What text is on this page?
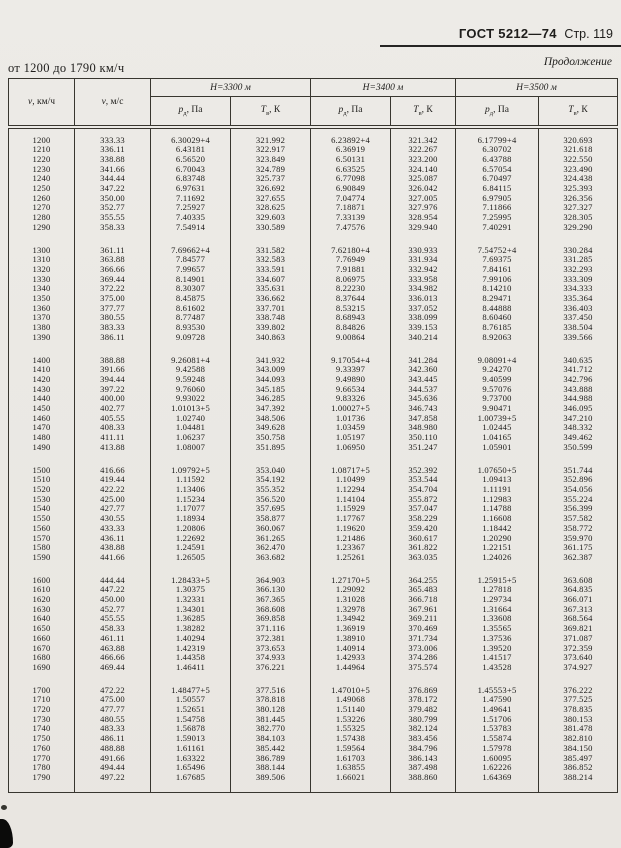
ГОСТ 5212—74 Стр. 119
Продолжение
от 1200 до 1790 км/ч
v, км/ч	v, м/с	Н=3300 м		Н=3400 м		Н=3500 м	
		$р_д$, Па	$Т_в$, К	$р_д$, Па	$Т_в$, К	$р_д$, Па	$Т_в$, К
1200	333.33	6.30029+4	321.992	6.23892+4	321.342	6.17799+4	320.693
1210	336.11	6.43181	322.917	6.36919	322.267	6.30702	321.618
1220	338.88	6.56520	323.849	6.50131	323.200	6.43788	322.550
1230	341.66	6.70043	324.789	6.63525	324.140	6.57054	323.490
1240	344.44	6.83748	325.737	6.77098	325.087	6.70497	324.438
1250	347.22	6.97631	326.692	6.90849	326.042	6.84115	325.393
1260	350.00	7.11692	327.655	7.04774	327.005	6.97905	326.356
1270	352.77	7.25927	328.625	7.18871	327.976	7.11866	327.327
1280	355.55	7.40335	329.603	7.33139	328.954	7.25995	328.305
1290	358.33	7.54914	330.589	7.47576	329.940	7.40291	329.290

1300	361.11	7.69662+4	331.582	7.62180+4	330.933	7.54752+4	330.284
1310	363.88	7.84577	332.583	7.76949	331.934	7.69375	331.285
1320	366.66	7.99657	333.591	7.91881	332.942	7.84161	332.293
1330	369.44	8.14901	334.607	8.06975	333.958	7.99106	333.309
1340	372.22	8.30307	335.631	8.22230	334.982	8.14210	334.333
1350	375.00	8.45875	336.662	8.37644	336.013	8.29471	335.364
1360	377.77	8.61602	337.701	8.53215	337.052	8.44888	336.403
1370	380.55	8.77487	338.748	8.68943	338.099	8.60460	337.450
1380	383.33	8.93530	339.802	8.84826	339.153	8.76185	338.504
1390	386.11	9.09728	340.863	9.00864	340.214	8.92063	339.566

1400	388.88	9.26081+4	341.932	9.17054+4	341.284	9.08091+4	340.635
1410	391.66	9.42588	343.009	9.33397	342.360	9.24270	341.712
1420	394.44	9.59248	344.093	9.49890	343.445	9.40599	342.796
1430	397.22	9.76060	345.185	9.66534	344.537	9.57076	343.888
1440	400.00	9.93022	346.285	9.83326	345.636	9.73700	344.988
1450	402.77	1.01013+5	347.392	1.00027+5	346.743	9.90471	346.095
1460	405.55	1.02740	348.506	1.01736	347.858	1.00739+5	347.210
1470	408.33	1.04481	349.628	1.03459	348.980	1.02445	348.332
1480	411.11	1.06237	350.758	1.05197	350.110	1.04165	349.462
1490	413.88	1.08007	351.895	1.06950	351.247	1.05901	350.599

1500	416.66	1.09792+5	353.040	1.08717+5	352.392	1.07650+5	351.744
1510	419.44	1.11592	354.192	1.10499	353.544	1.09413	352.896
1520	422.22	1.13406	355.352	1.12294	354.704	1.11191	354.056
1530	425.00	1.15234	356.520	1.14104	355.872	1.12983	355.224
1540	427.77	1.17077	357.695	1.15929	357.047	1.14788	356.399
1550	430.55	1.18934	358.877	1.17767	358.229	1.16608	357.582
1560	433.33	1.20806	360.067	1.19620	359.420	1.18442	358.772
1570	436.11	1.22692	361.265	1.21486	360.617	1.20290	359.970
1580	438.88	1.24591	362.470	1.23367	361.822	1.22151	361.175
1590	441.66	1.26505	363.682	1.25261	363.035	1.24026	362.387

1600	444.44	1.28433+5	364.903	1.27170+5	364.255	1.25915+5	363.608
1610	447.22	1.30375	366.130	1.29092	365.483	1.27818	364.835
1620	450.00	1.32331	367.365	1.31028	366.718	1.29734	366.071
1630	452.77	1.34301	368.608	1.32978	367.961	1.31664	367.313
1640	455.55	1.36285	369.858	1.34942	369.211	1.33608	368.564
1650	458.33	1.38282	371.116	1.36919	370.469	1.35565	369.821
1660	461.11	1.40294	372.381	1.38910	371.734	1.37536	371.087
1670	463.88	1.42319	373.653	1.40914	373.006	1.39520	372.359
1680	466.66	1.44358	374.933	1.42933	374.286	1.41517	373.640
1690	469.44	1.46411	376.221	1.44964	375.574	1.43528	374.927

1700	472.22	1.48477+5	377.516	1.47010+5	376.869	1.45553+5	376.222
1710	475.00	1.50557	378.818	1.49068	378.172	1.47590	377.525
1720	477.77	1.52651	380.128	1.51140	379.482	1.49641	378.835
1730	480.55	1.54758	381.445	1.53226	380.799	1.51706	380.153
1740	483.33	1.56878	382.770	1.55325	382.124	1.53783	381.478
1750	486.11	1.59013	384.103	1.57438	383.456	1.55874	382.810
1760	488.88	1.61161	385.442	1.59564	384.796	1.57978	384.150
1770	491.66	1.63322	386.789	1.61703	386.143	1.60095	385.497
1780	494.44	1.65496	388.144	1.63855	387.498	1.62226	386.852
1790	497.22	1.67685	389.506	1.66021	388.860	1.64369	388.214
